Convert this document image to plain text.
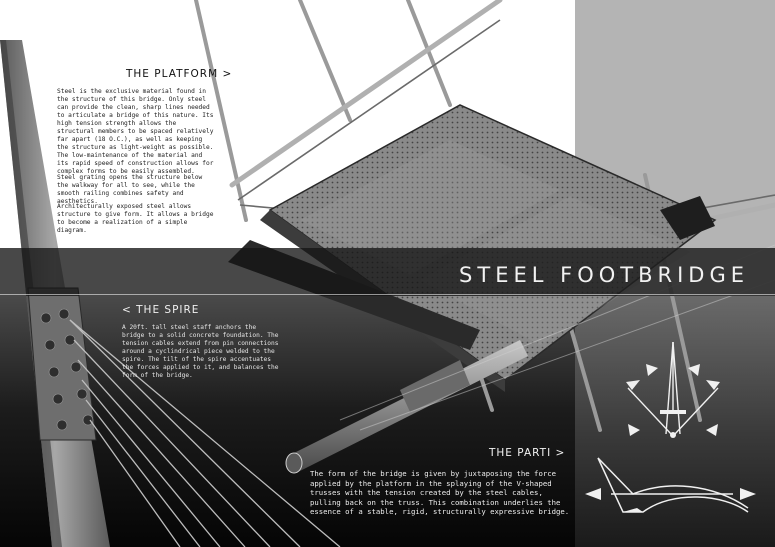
STEEL FOOTBRIDGE
THE PLATFORM >

Steel is the exclusive material found in the structure of this bridge. Only steel can provide the clean, sharp lines needed to articulate a bridge of this nature. Its high tension strength allows the structural members to be spaced relatively far apart (18 O.C.), as well as keeping the structure as light-weight as possible. The low-maintenance of the material and its rapid speed of construction allows for complex forms to be easily assembled.

Steel grating opens the structure below the walkway for all to see, while the smooth railing combines safety and aesthetics.

Architecturally exposed steel allows structure to give form. It allows a bridge to become a realization of a simple diagram.

< THE SPIRE

A 20ft. tall steel staff anchors the bridge to a solid concrete foundation. The tension cables extend from pin connections around a cyclindrical piece welded to the spire. The tilt of the spire accentuates the forces applied to it, and balances the form of the bridge.

THE PARTI >

The form of the bridge is given by juxtaposing the force applied by the platform in the splaying of the V-shaped trusses with the tension created by the steel cables, pulling back on the truss. This combination underlies the essence of a stable, rigid, structurally expressive bridge.
